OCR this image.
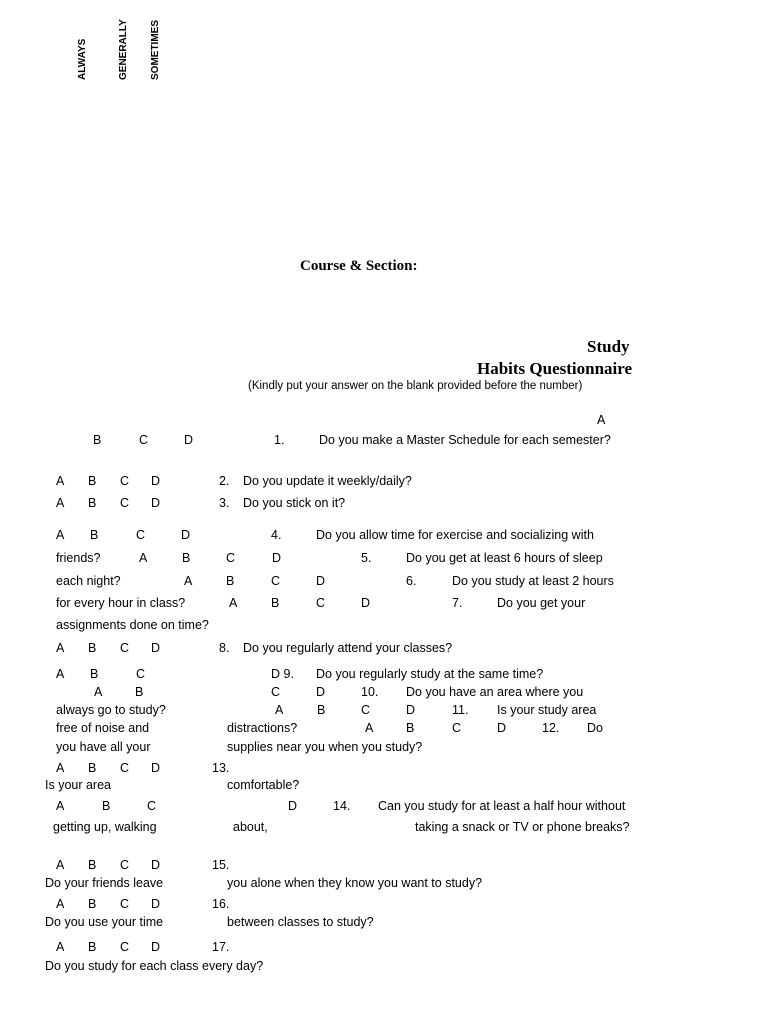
ALWAYS	GENERALLY SOMETIMES
Course & Section:
Study
Habits Questionnaire
(Kindly put your answer on the blank provided before the number)
A
B	C	D	1.	Do you make a Master Schedule for each semester?
A B C D	2. Do you update it weekly/daily?
A B C D	3. Do you stick on it?
A B	C	D	4.	Do you allow time for exercise and socializing with
friends?	A	B	C	D	5.	Do you get at least 6 hours of sleep
each night?	A	B	C	D	6.	Do you study at least 2 hours
for every hour in class?	A	B	C	D	7.	Do you get your
assignments done on time?
A B C D	8. Do you regularly attend your classes?
A B	C	D 9. Do you regularly study at the same time?
A	B	C	D	10. Do you have an area where you
always go to study?	A	B	C	D	11. Is your study area
free of noise and	distractions?	A	B	C	D	12. Do
you have all your	supplies near you when you study?
A B C D	13.
Is your area	comfortable?
A	B	C	D	14. Can you study for at least a half hour without
getting up, walking	about,	taking a snack or TV or phone breaks?
A B C D	15.
Do your friends leave	you alone when they know you want to study?
A B C D	16.
Do you use your time	between classes to study?
A B C D	17.
Do you study for each class every day?
